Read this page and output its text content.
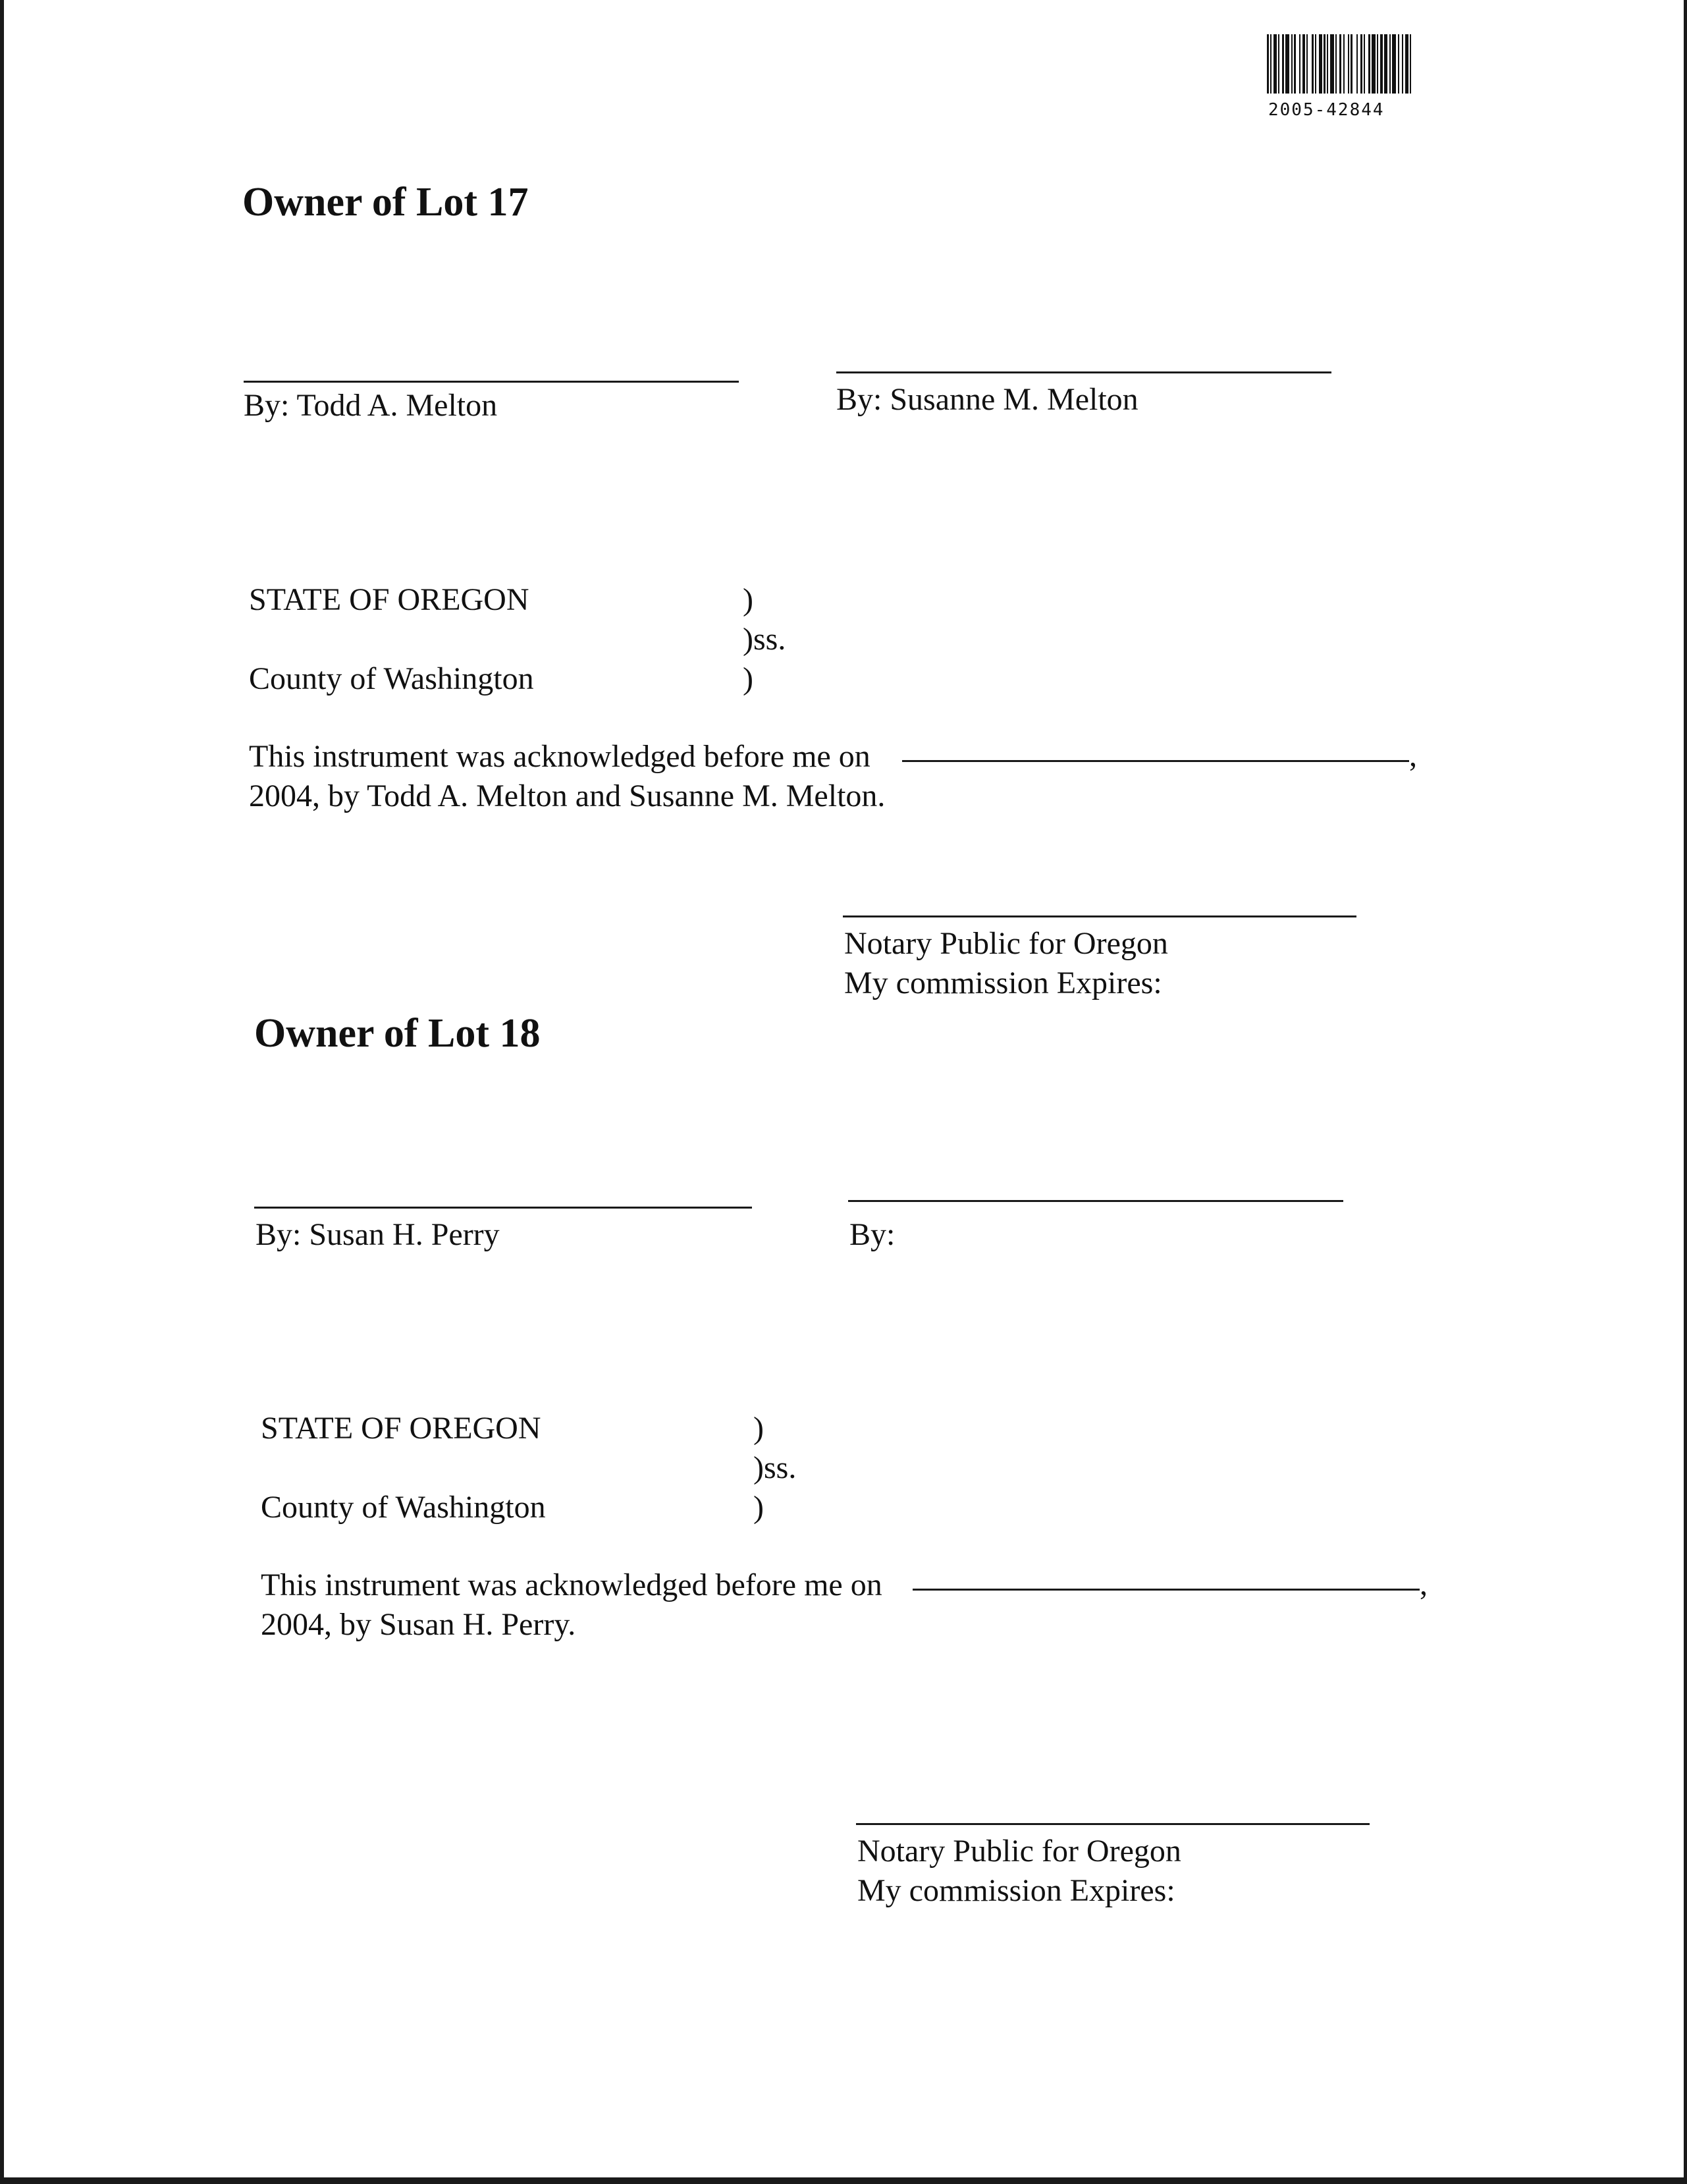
2005-42844
Owner of Lot 17
By: Todd A. Melton	By: Susanne M. Melton
STATE OF OREGON	)
)ss.
County of Washington	)
This instrument was acknowledged before me on	,
2004, by Todd A. Melton and Susanne M. Melton.
Notary Public for Oregon
My commission Expires:
Owner of Lot 18
By: Susan H. Perry	By:
STATE OF OREGON	)
)ss.
County of Washington	)
This instrument was acknowledged before me on	,
2004, by Susan H. Perry.
Notary Public for Oregon
My commission Expires:
